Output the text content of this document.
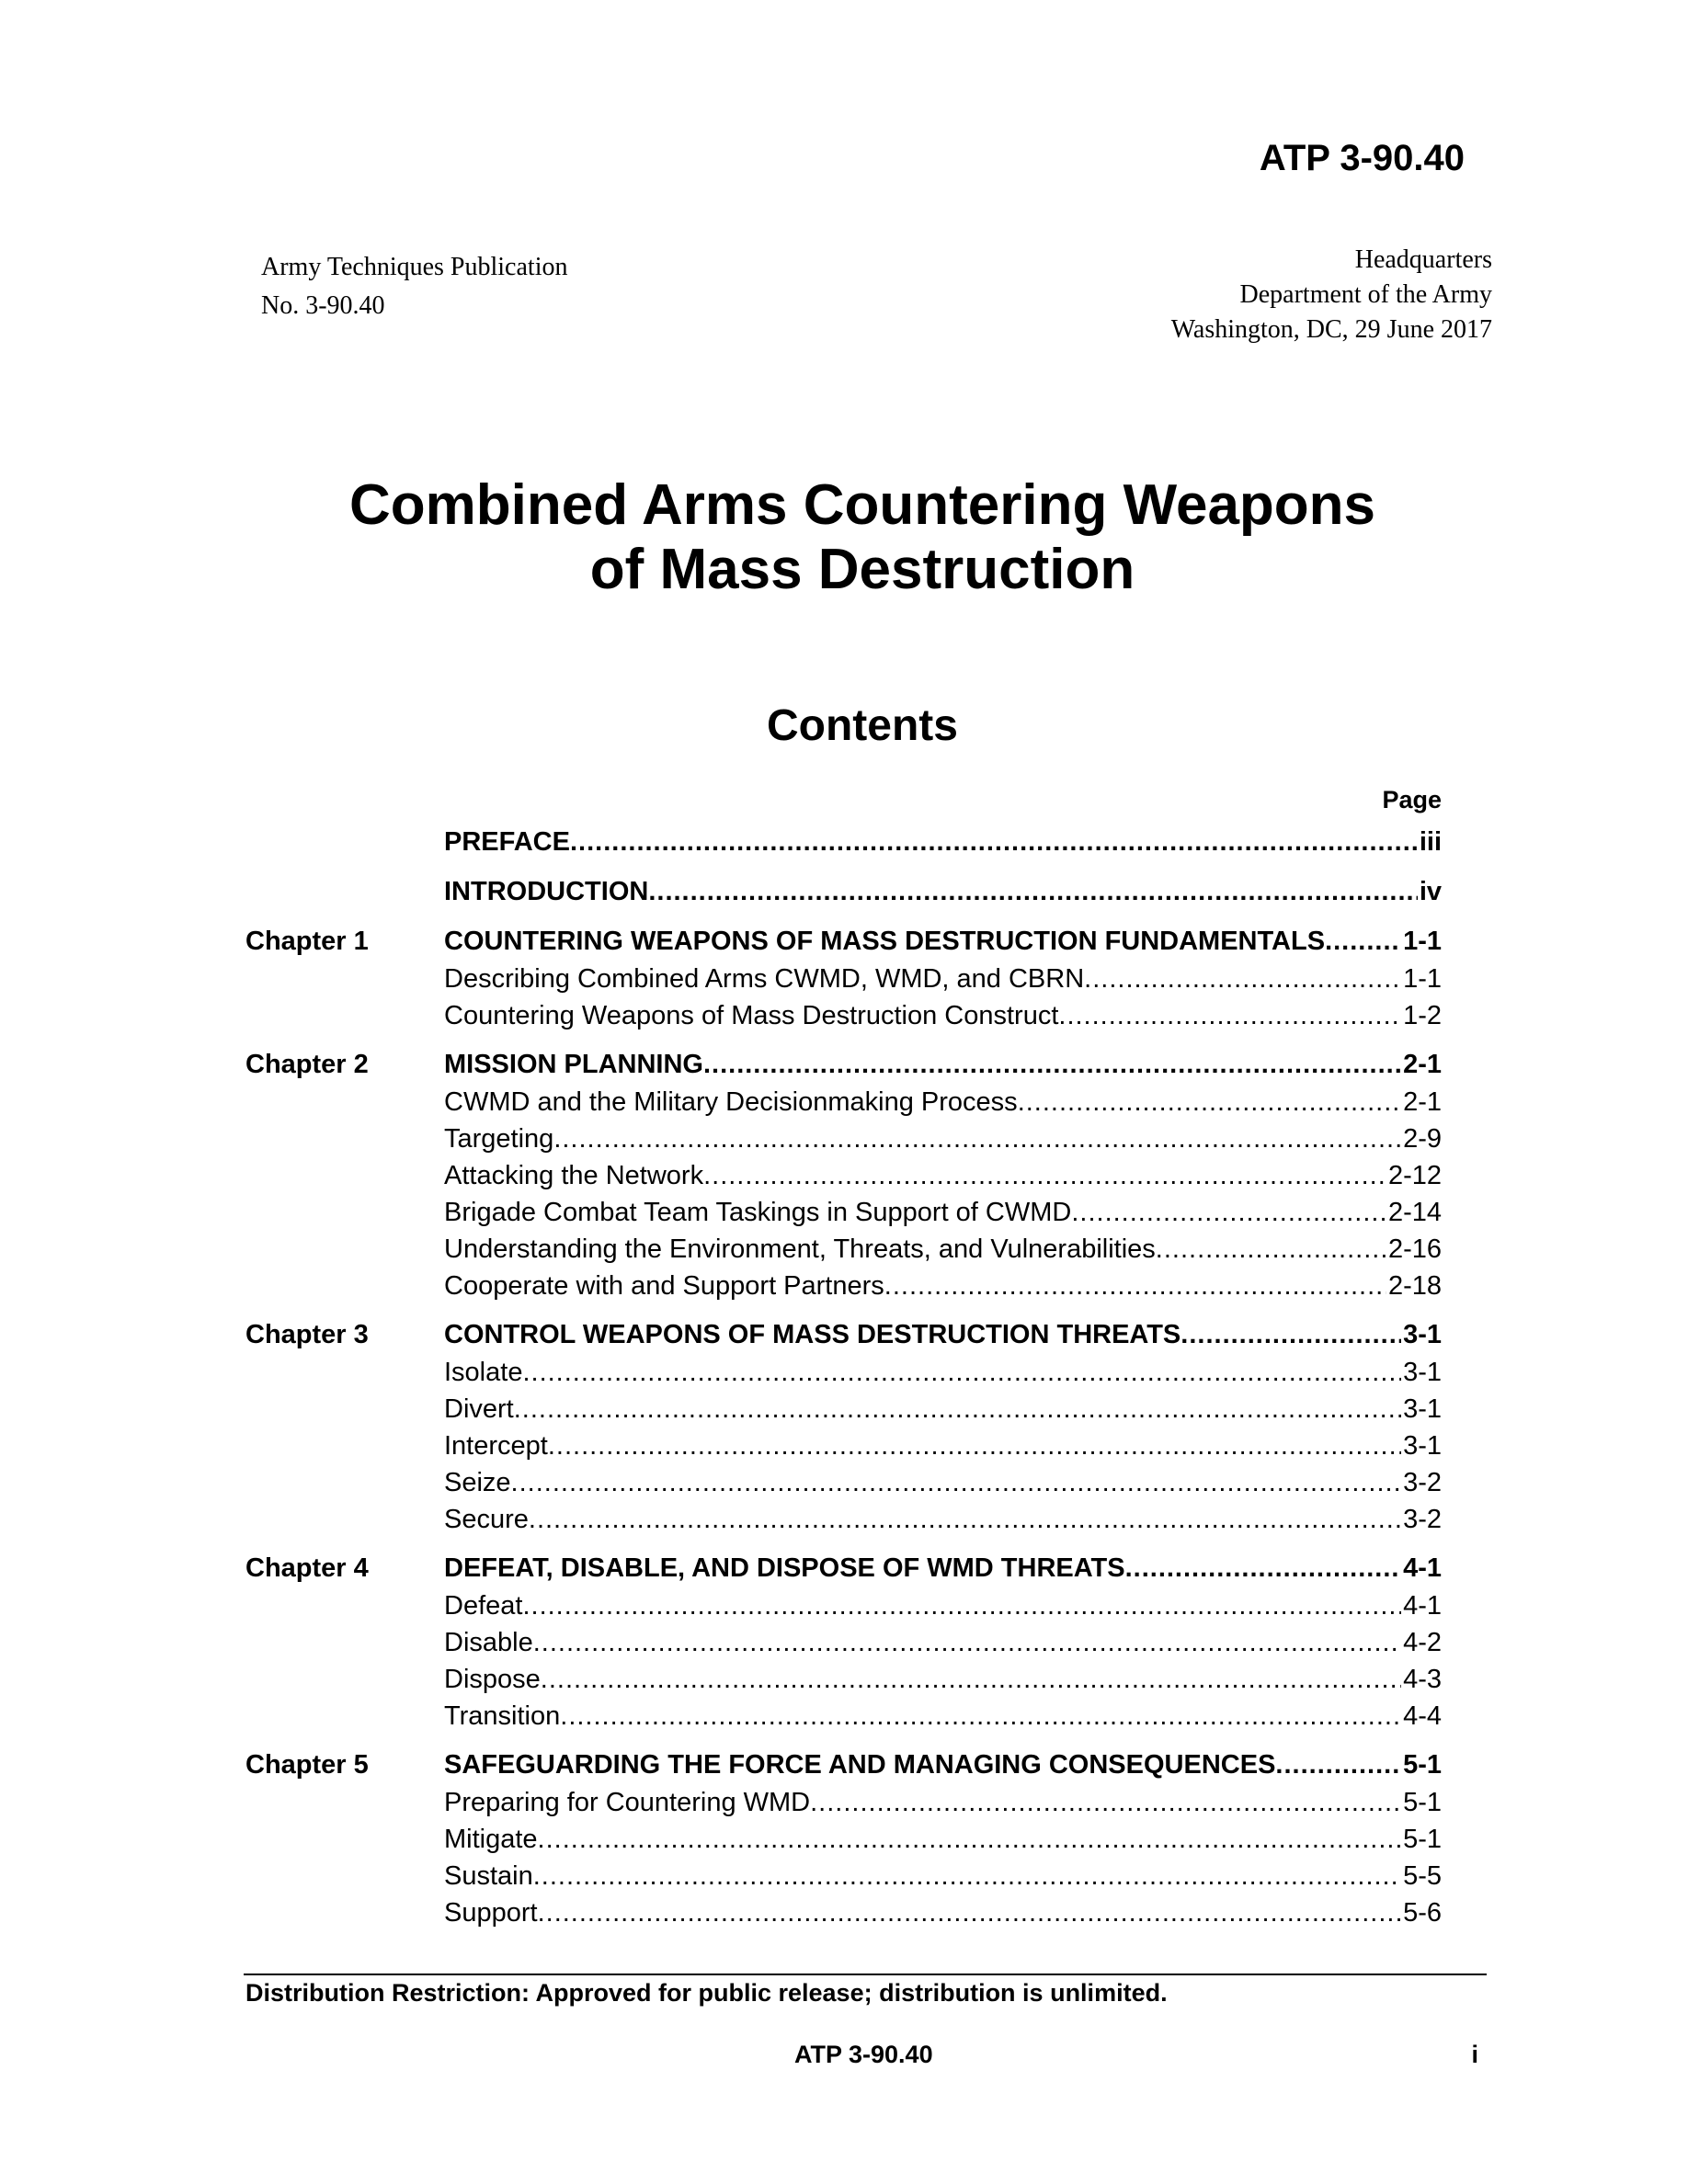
ATP 3-90.40
Army Techniques Publication
No. 3-90.40
Headquarters
Department of the Army
Washington, DC, 29 June 2017
Combined Arms Countering Weapons
of Mass Destruction
Contents
Page
PREFACE .....	iii
INTRODUCTION .....	iv
Chapter 1	COUNTERING WEAPONS OF MASS DESTRUCTION FUNDAMENTALS .....	1-1
Describing Combined Arms CWMD, WMD, and CBRN .....	1-1
Countering Weapons of Mass Destruction Construct .....	1-2
Chapter 2	MISSION PLANNING .....	2-1
CWMD and the Military Decisionmaking Process .....	2-1
Targeting .....	2-9
Attacking the Network .....	2-12
Brigade Combat Team Taskings in Support of CWMD .....	2-14
Understanding the Environment, Threats, and Vulnerabilities .....	2-16
Cooperate with and Support Partners .....	2-18
Chapter 3	CONTROL WEAPONS OF MASS DESTRUCTION THREATS .....	3-1
Isolate .....	3-1
Divert .....	3-1
Intercept .....	3-1
Seize .....	3-2
Secure .....	3-2
Chapter 4	DEFEAT, DISABLE, AND DISPOSE OF WMD THREATS .....	4-1
Defeat .....	4-1
Disable .....	4-2
Dispose .....	4-3
Transition .....	4-4
Chapter 5	SAFEGUARDING THE FORCE AND MANAGING CONSEQUENCES .....	5-1
Preparing for Countering WMD .....	5-1
Mitigate .....	5-1
Sustain .....	5-5
Support .....	5-6
Distribution Restriction: Approved for public release; distribution is unlimited.
ATP 3-90.40	i
